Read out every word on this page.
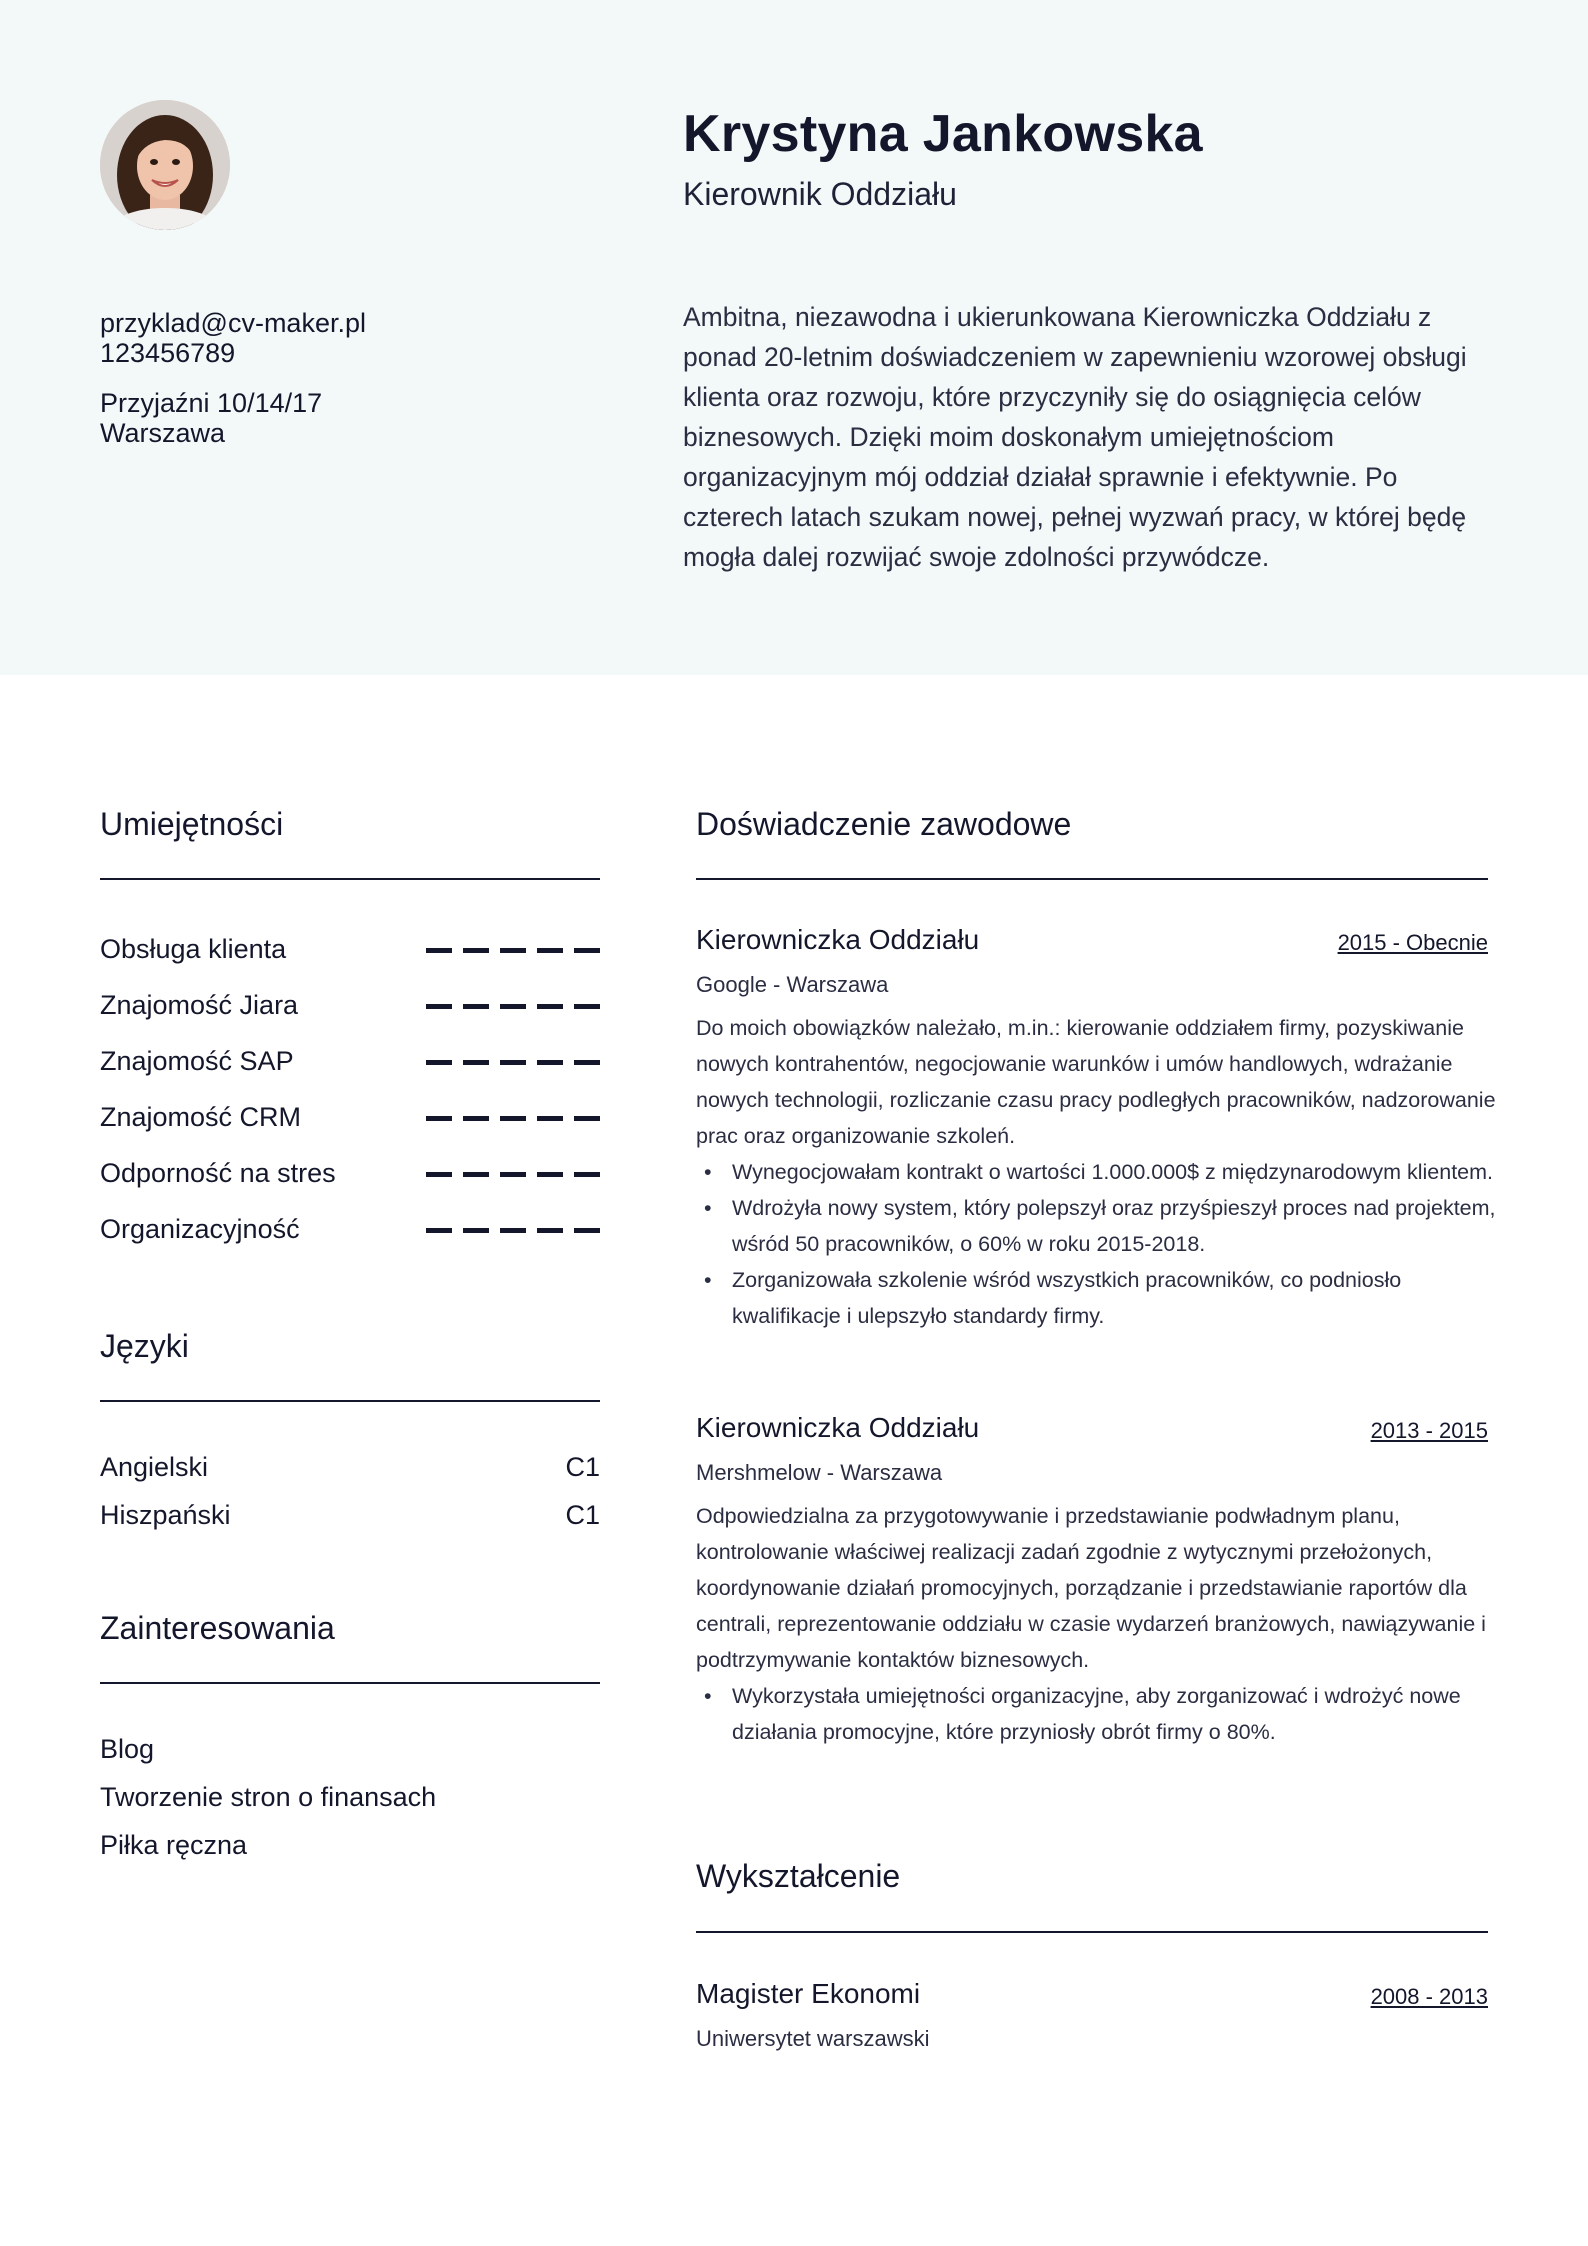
Krystyna Jankowska
Kierownik Oddziału
przyklad@cv-maker.pl
123456789
Przyjaźni 10/14/17
Warszawa
Ambitna, niezawodna i ukierunkowana Kierowniczka Oddziału z ponad 20-letnim doświadczeniem w zapewnieniu wzorowej obsługi klienta oraz rozwoju, które przyczyniły się do osiągnięcia celów biznesowych. Dzięki moim doskonałym umiejętnościom organizacyjnym mój oddział działał sprawnie i efektywnie. Po czterech latach szukam nowej, pełnej wyzwań pracy, w której będę mogła dalej rozwijać swoje zdolności przywódcze.
Umiejętności
Obsługa klienta
Znajomość Jiara
Znajomość SAP
Znajomość CRM
Odporność na stres
Organizacyjność
Języki
Angielski	C1
Hiszpański	C1
Zainteresowania
Blog
Tworzenie stron o finansach
Piłka ręczna
Doświadczenie zawodowe
Kierowniczka Oddziału	2015 - Obecnie
Google - Warszawa
Do moich obowiązków należało, m.in.: kierowanie oddziałem firmy, pozyskiwanie nowych kontrahentów, negocjowanie warunków i umów handlowych, wdrażanie nowych technologii, rozliczanie czasu pracy podległych pracowników, nadzorowanie prac oraz organizowanie szkoleń.
• Wynegocjowałam kontrakt o wartości 1.000.000$ z międzynarodowym klientem.
• Wdrożyła nowy system, który polepszył oraz przyśpieszył proces nad projektem, wśród 50 pracowników, o 60% w roku 2015-2018.
• Zorganizowała szkolenie wśród wszystkich pracowników, co podniosło kwalifikacje i ulepszyło standardy firmy.
Kierowniczka Oddziału	2013 - 2015
Mershmelow - Warszawa
Odpowiedzialna za przygotowywanie i przedstawianie podwładnym planu, kontrolowanie właściwej realizacji zadań zgodnie z wytycznymi przełożonych, koordynowanie działań promocyjnych, porządzanie i przedstawianie raportów dla centrali, reprezentowanie oddziału w czasie wydarzeń branżowych, nawiązywanie i podtrzymywanie kontaktów biznesowych.
• Wykorzystała umiejętności organizacyjne, aby zorganizować i wdrożyć nowe działania promocyjne, które przyniosły obrót firmy o 80%.
Wykształcenie
Magister Ekonomi	2008 - 2013
Uniwersytet warszawski
